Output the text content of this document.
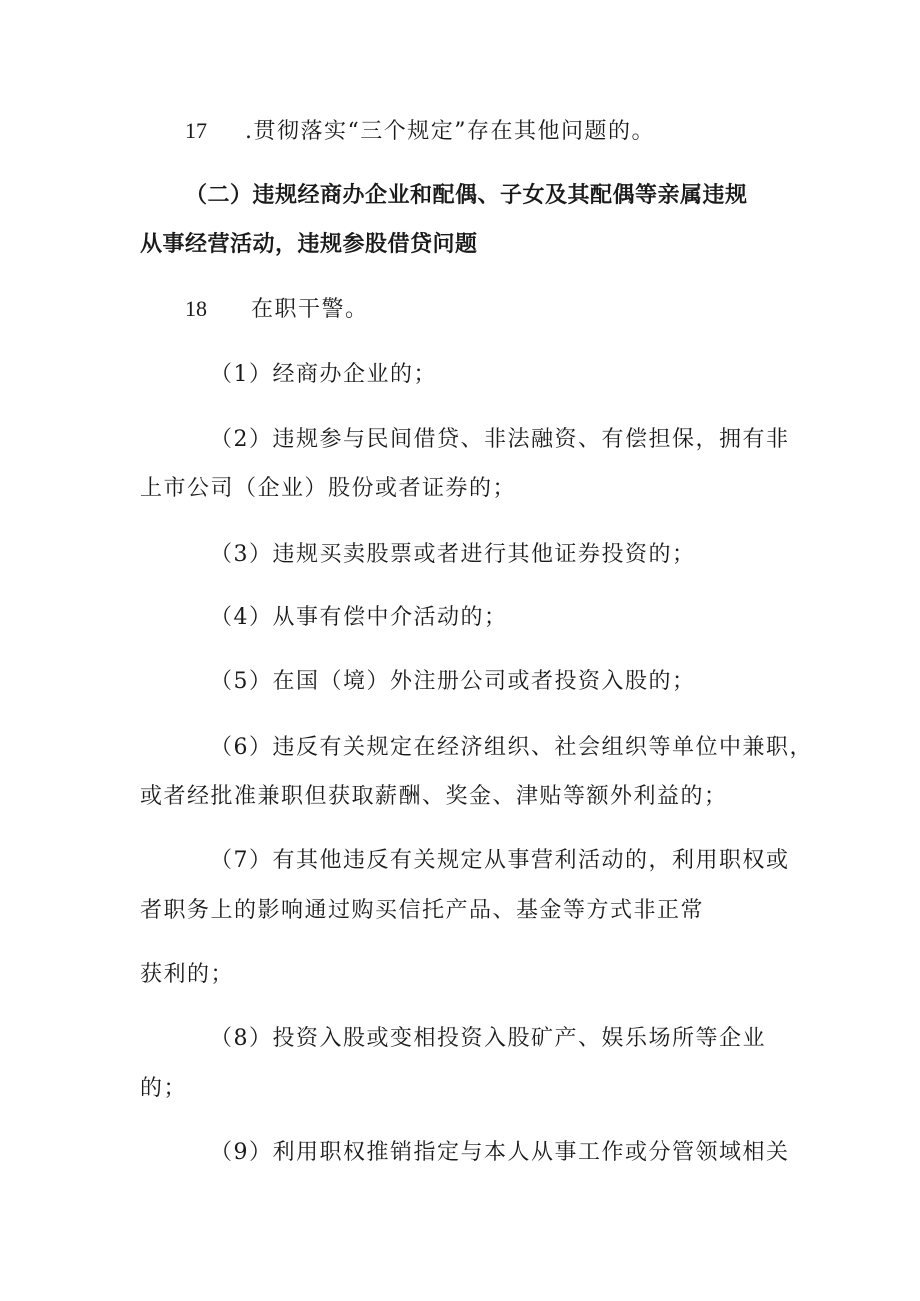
17 .贯彻落实“三个规定”存在其他问题的。
（二）违规经商办企业和配偶、子女及其配偶等亲属违规
从事经营活动，违规参股借贷问题
18 在职干警。
（1）经商办企业的；
（2）违规参与民间借贷、非法融资、有偿担保，拥有非
上市公司（企业）股份或者证券的；
（3）违规买卖股票或者进行其他证券投资的；
（4）从事有偿中介活动的；
（5）在国（境）外注册公司或者投资入股的；
（6）违反有关规定在经济组织、社会组织等单位中兼职，
或者经批准兼职但获取薪酬、奖金、津贴等额外利益的；
（7）有其他违反有关规定从事营利活动的，利用职权或
者职务上的影响通过购买信托产品、基金等方式非正常
获利的；
（8）投资入股或变相投资入股矿产、娱乐场所等企业
的；
（9）利用职权推销指定与本人从事工作或分管领域相关
